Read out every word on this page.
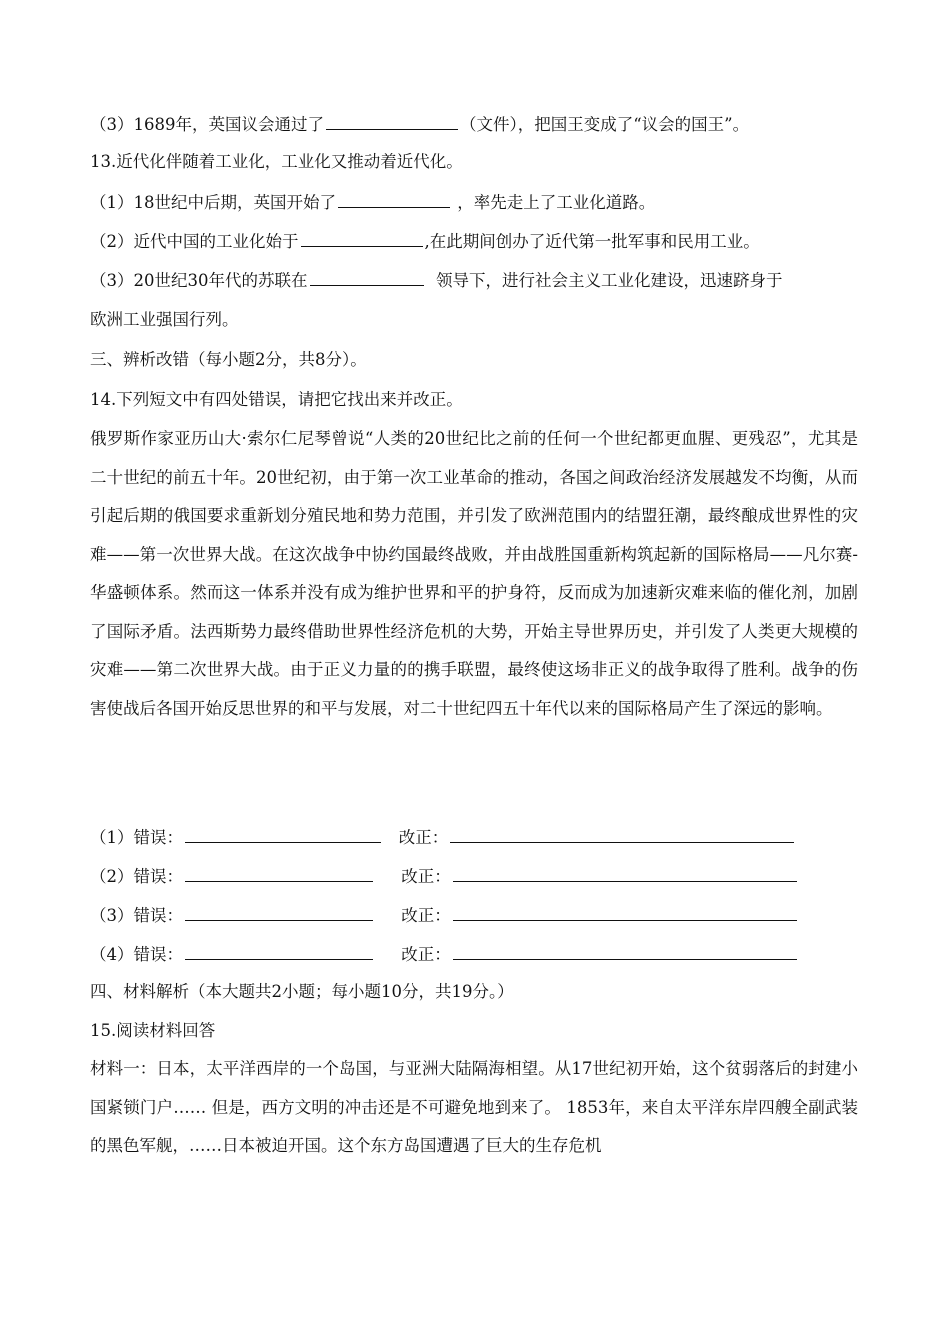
（3）1689年，英国议会通过了	（文件），把国王变成了“议会的国王”。
13.近代化伴随着工业化，工业化又推动着近代化。
（1）18世纪中后期，英国开始了	，率先走上了工业化道路。
（2）近代中国的工业化始于	,在此期间创办了近代第一批军事和民用工业。
（3）20世纪30年代的苏联在	领导下，进行社会主义工业化建设，迅速跻身于
欧洲工业强国行列。
三、辨析改错（每小题2分，共8分）。
14.下列短文中有四处错误，请把它找出来并改正。
俄罗斯作家亚历山大·索尔仁尼琴曾说“人类的20世纪比之前的任何一个世纪都更血腥、更残忍”，尤其是二十世纪的前五十年。20世纪初，由于第一次工业革命的推动，各国之间政治经济发展越发不均衡，从而引起后期的俄国要求重新划分殖民地和势力范围，并引发了欧洲范围内的结盟狂潮，最终酿成世界性的灾难——第一次世界大战。在这次战争中协约国最终战败，并由战胜国重新构筑起新的国际格局——凡尔赛-华盛顿体系。然而这一体系并没有成为维护世界和平的护身符，反而成为加速新灾难来临的催化剂，加剧了国际矛盾。法西斯势力最终借助世界性经济危机的大势，开始主导世界历史，并引发了人类更大规模的灾难——第二次世界大战。由于正义力量的的携手联盟，最终使这场非正义的战争取得了胜利。战争的伤害使战后各国开始反思世界的和平与发展，对二十世纪四五十年代以来的国际格局产生了深远的影响。
（1）错误：	改正：
（2）错误：	改正：
（3）错误：	改正：
（4）错误：	改正：
四、材料解析（本大题共2小题；每小题10分，共19分。）
15.阅读材料回答
材料一：日本，太平洋西岸的一个岛国，与亚洲大陆隔海相望。从17世纪初开始，这个贫弱落后的封建小国紧锁门户…… 但是，西方文明的冲击还是不可避免地到来了。 1853年，来自太平洋东岸四艘全副武装的黑色军舰，……日本被迫开国。这个东方岛国遭遇了巨大的生存危机
